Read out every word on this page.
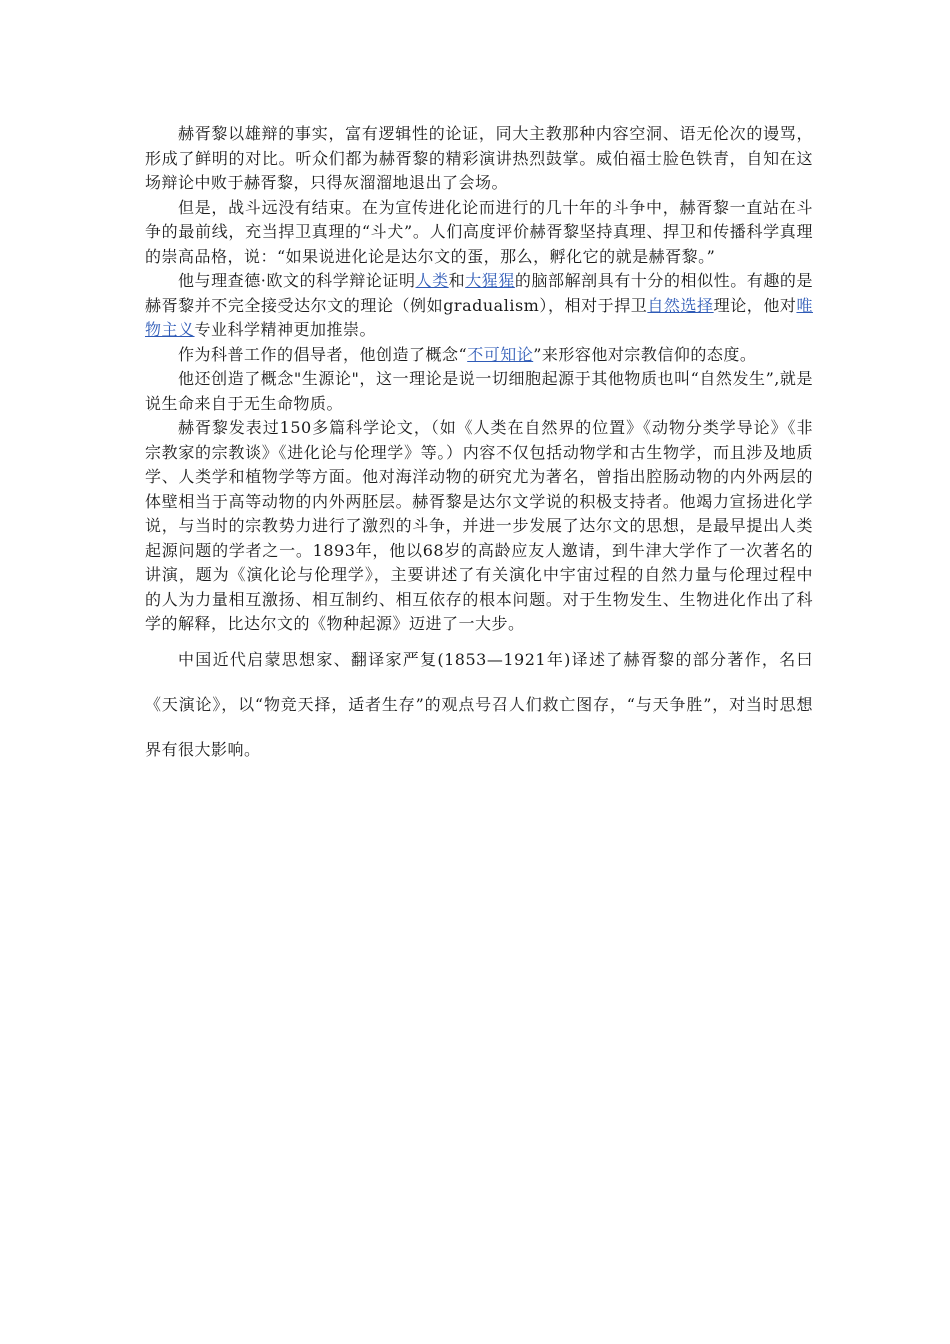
赫胥黎以雄辩的事实，富有逻辑性的论证，同大主教那种内容空洞、语无伦次的谩骂，形成了鲜明的对比。听众们都为赫胥黎的精彩演讲热烈鼓掌。威伯福士脸色铁青，自知在这场辩论中败于赫胥黎，只得灰溜溜地退出了会场。

但是，战斗远没有结束。在为宣传进化论而进行的几十年的斗争中，赫胥黎一直站在斗争的最前线，充当捍卫真理的“斗犬”。人们高度评价赫胥黎坚持真理、捍卫和传播科学真理的崇高品格，说：“如果说进化论是达尔文的蛋，那么，孵化它的就是赫胥黎。”

他与理查德·欧文的科学辩论证明人类和大猩猩的脑部解剖具有十分的相似性。有趣的是赫胥黎并不完全接受达尔文的理论（例如gradualism），相对于捍卫自然选择理论，他对唯物主义专业科学精神更加推崇。

作为科普工作的倡导者，他创造了概念“不可知论”来形容他对宗教信仰的态度。

他还创造了概念"生源论"，这一理论是说一切细胞起源于其他物质也叫“自然发生”,就是说生命来自于无生命物质。

赫胥黎发表过150多篇科学论文，（如《人类在自然界的位置》《动物分类学导论》《非宗教家的宗教谈》《进化论与伦理学》等。）内容不仅包括动物学和古生物学，而且涉及地质学、人类学和植物学等方面。他对海洋动物的研究尤为著名，曾指出腔肠动物的内外两层的体壁相当于高等动物的内外两胚层。赫胥黎是达尔文学说的积极支持者。他竭力宣扬进化学说，与当时的宗教势力进行了激烈的斗争，并进一步发展了达尔文的思想，是最早提出人类起源问题的学者之一。1893年，他以68岁的高龄应友人邀请，到牛津大学作了一次著名的讲演，题为《演化论与伦理学》，主要讲述了有关演化中宇宙过程的自然力量与伦理过程中的人为力量相互激扬、相互制约、相互依存的根本问题。对于生物发生、生物进化作出了科学的解释，比达尔文的《物种起源》迈进了一大步。

中国近代启蒙思想家、翻译家严复(1853—1921年)译述了赫胥黎的部分著作，名曰《天演论》，以“物竞天择，适者生存”的观点号召人们救亡图存，“与天争胜”，对当时思想界有很大影响。
